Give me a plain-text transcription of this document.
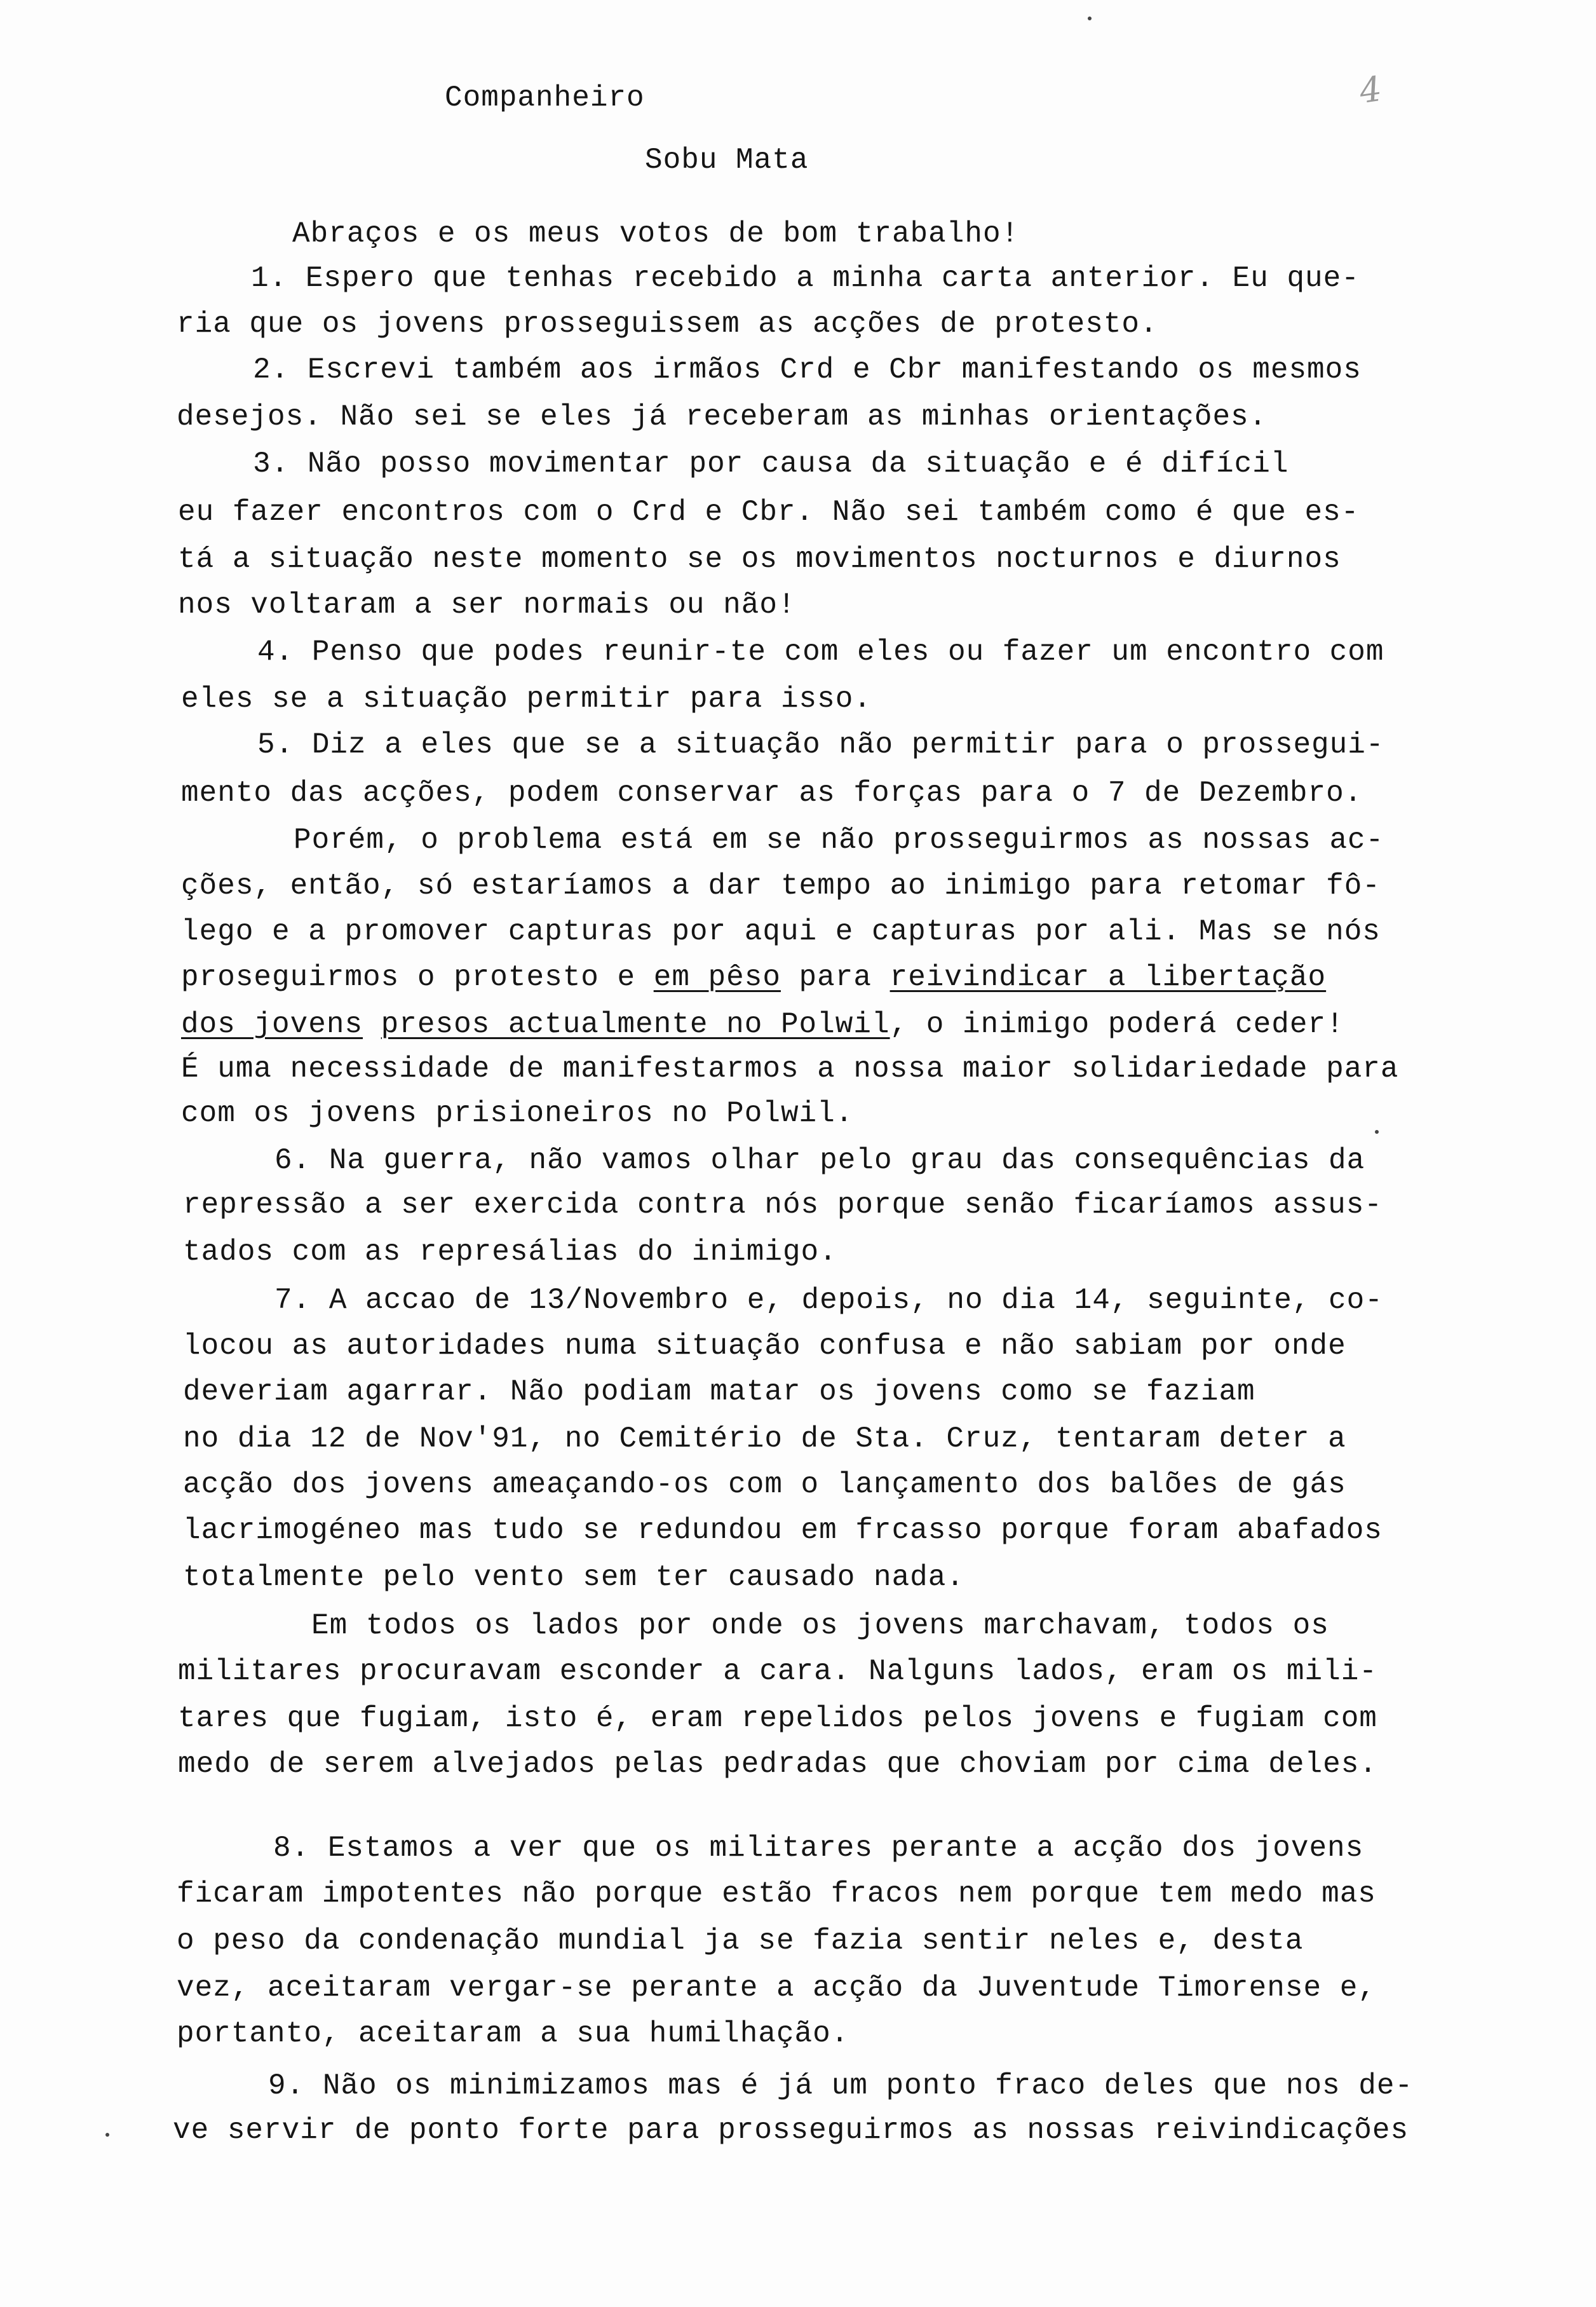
4
Companheiro
Sobu Mata
Abraços e os meus votos de bom trabalho!
1. Espero que tenhas recebido a minha carta anterior. Eu que-
ria que os jovens prosseguissem as acções de protesto.
2. Escrevi também aos irmãos Crd e Cbr manifestando os mesmos
desejos. Não sei se eles já receberam as minhas orientações.
3. Não posso movimentar por causa da situação e é difícil
eu fazer encontros com o Crd e Cbr. Não sei também como é que es-
tá a situação neste momento se os movimentos nocturnos e diurnos
nos voltaram a ser normais ou não!
4. Penso que podes reunir-te com eles ou fazer um encontro com
eles se a situação permitir para isso.
5. Diz a eles que se a situação não permitir para o prossegui-
mento das acções, podem conservar as forças para o 7 de Dezembro.
Porém, o problema está em se não prosseguirmos as nossas ac-
ções, então, só estaríamos a dar tempo ao inimigo para retomar fô-
lego e a promover capturas por aqui e capturas por ali. Mas se nós
proseguirmos o protesto e em pêso para reivindicar a libertação
dos jovens presos actualmente no Polwil, o inimigo poderá ceder!
É uma necessidade de manifestarmos a nossa maior solidariedade para
com os jovens prisioneiros no Polwil.
6. Na guerra, não vamos olhar pelo grau das consequências da
repressão a ser exercida contra nós porque senão ficaríamos assus-
tados com as represálias do inimigo.
7. A accao de 13/Novembro e, depois, no dia 14, seguinte, co-
locou as autoridades numa situação confusa e não sabiam por onde
deveriam agarrar. Não podiam matar os jovens como se faziam
no dia 12 de Nov'91, no Cemitério de Sta. Cruz, tentaram deter a
acção dos jovens ameaçando-os com o lançamento dos balões de gás
lacrimogéneo mas tudo se redundou em frcasso porque foram abafados
totalmente pelo vento sem ter causado nada.
Em todos os lados por onde os jovens marchavam, todos os
militares procuravam esconder a cara. Nalguns lados, eram os mili-
tares que fugiam, isto é, eram repelidos pelos jovens e fugiam com
medo de serem alvejados pelas pedradas que choviam por cima deles.
8. Estamos a ver que os militares perante a acção dos jovens
ficaram impotentes não porque estão fracos nem porque tem medo mas
o peso da condenação mundial ja se fazia sentir neles e, desta
vez, aceitaram vergar-se perante a acção da Juventude Timorense e,
portanto, aceitaram a sua humilhação.
9. Não os minimizamos mas é já um ponto fraco deles que nos de-
ve servir de ponto forte para prosseguirmos as nossas reivindicações
